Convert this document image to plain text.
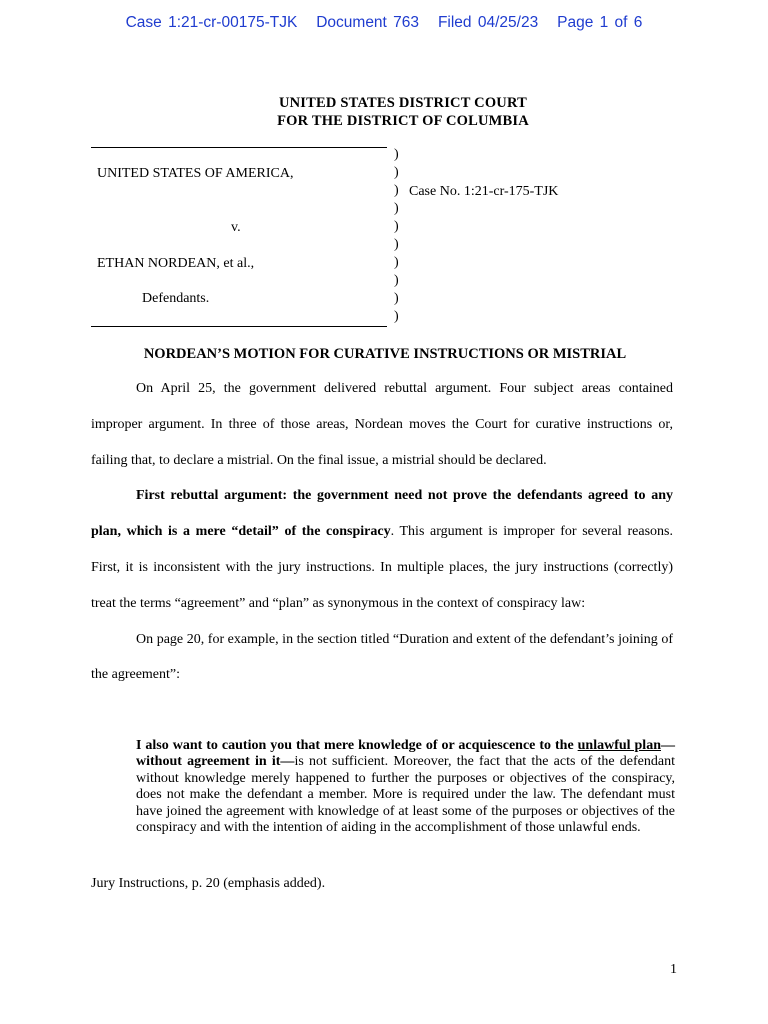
Case 1:21-cr-00175-TJK Document 763 Filed 04/25/23 Page 1 of 6
UNITED STATES DISTRICT COURT
FOR THE DISTRICT OF COLUMBIA
)
)
)
)
)
)
)
)
)
)
UNITED STATES OF AMERICA,
Case No. 1:21-cr-175-TJK
v.
ETHAN NORDEAN, et al.,
Defendants.
NORDEAN’S MOTION FOR CURATIVE INSTRUCTIONS OR MISTRIAL

On April 25, the government delivered rebuttal argument. Four subject areas contained improper argument. In three of those areas, Nordean moves the Court for curative instructions or, failing that, to declare a mistrial. On the final issue, a mistrial should be declared.

First rebuttal argument: the government need not prove the defendants agreed to any plan, which is a mere “detail” of the conspiracy. This argument is improper for several reasons. First, it is inconsistent with the jury instructions. In multiple places, the jury instructions (correctly) treat the terms “agreement” and “plan” as synonymous in the context of conspiracy law:

On page 20, for example, in the section titled “Duration and extent of the defendant’s joining of the agreement”:

I also want to caution you that mere knowledge of or acquiescence to the unlawful plan—without agreement in it—is not sufficient. Moreover, the fact that the acts of the defendant without knowledge merely happened to further the purposes or objectives of the conspiracy, does not make the defendant a member. More is required under the law. The defendant must have joined the agreement with knowledge of at least some of the purposes or objectives of the conspiracy and with the intention of aiding in the accomplishment of those unlawful ends.
Jury Instructions, p. 20 (emphasis added).
1
